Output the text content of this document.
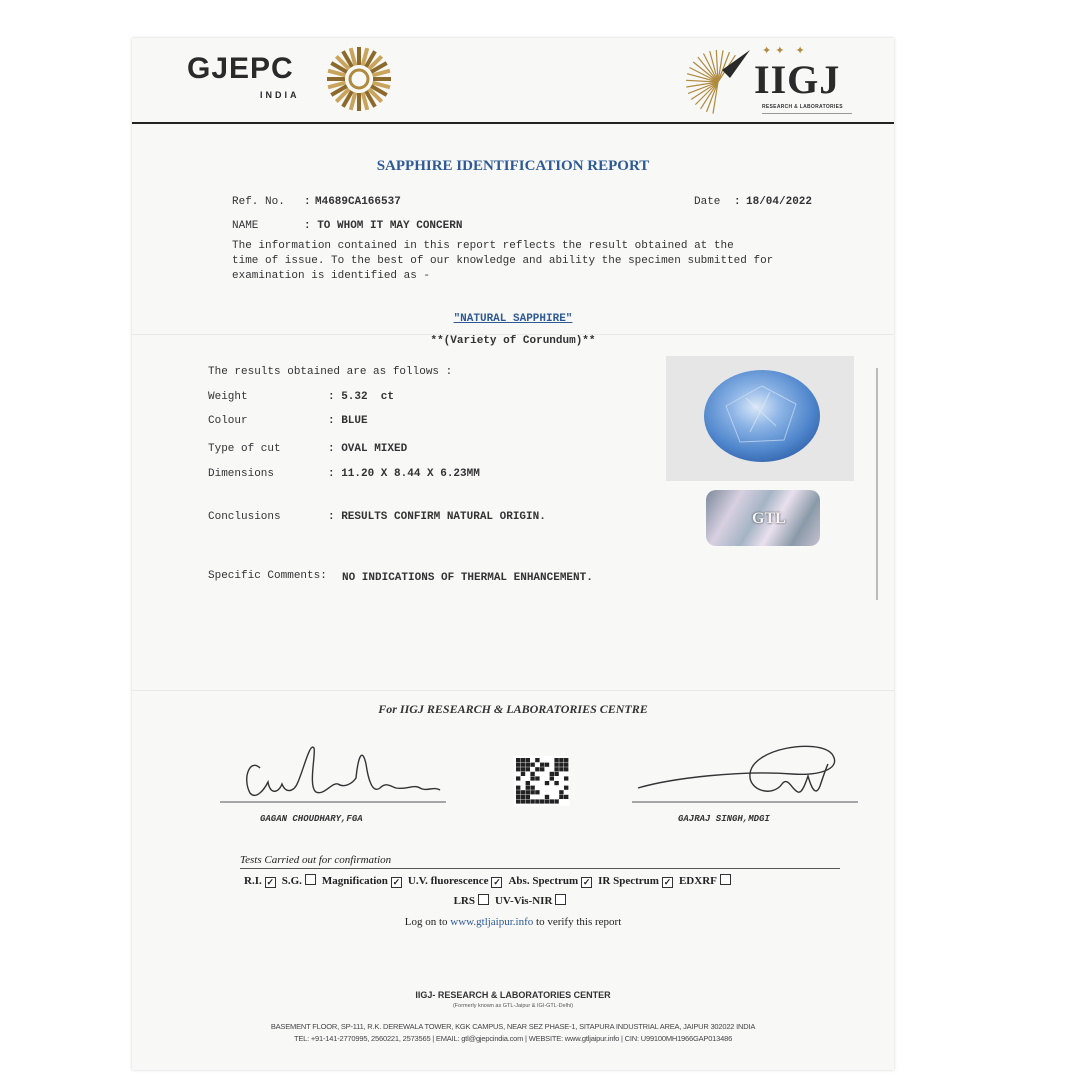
GJEPC
INDIA
✦✦ ✦
IIGJ
RESEARCH & LABORATORIES
SAPPHIRE IDENTIFICATION REPORT
Ref. No. : M4689CA166537	Date : 18/04/2022
NAME	: TO WHOM IT MAY CONCERN
The information contained in this report reflects the result obtained at the
time of issue. To the best of our knowledge and ability the specimen submitted for
examination is identified as -
"NATURAL SAPPHIRE"
**(Variety of Corundum)**
The results obtained are as follows :
Weight	: 5.32  ct
Colour	: BLUE
Type of cut	: OVAL MIXED
Dimensions	: 11.20 X 8.44 X 6.23MM
Conclusions	: RESULTS CONFIRM NATURAL ORIGIN.
Specific Comments: NO INDICATIONS OF THERMAL ENHANCEMENT.
GTL
For IIGJ RESEARCH & LABORATORIES CENTRE
GAGAN CHOUDHARY,FGA	GAJRAJ SINGH,MDGI
Tests Carried out for confirmation
R.I. ✓ S.G. Magnification ✓ U.V. fluorescence ✓ Abs. Spectrum ✓ IR Spectrum ✓ EDXRF
LRS UV-Vis-NIR
Log on to www.gtljaipur.info to verify this report
IIGJ- RESEARCH & LABORATORIES CENTER
(Formerly known as GTL-Jaipur & IGI-GTL-Delhi)
BASEMENT FLOOR, SP-111, R.K. DEREWALA TOWER, KGK CAMPUS, NEAR SEZ PHASE-1, SITAPURA INDUSTRIAL AREA, JAIPUR 302022 INDIA
TEL: +91-141-2770995, 2560221, 2573565 | EMAIL: gtl@gjepcindia.com | WEBSITE: www.gtljaipur.info | CIN: U99100MH1966GAP013486
